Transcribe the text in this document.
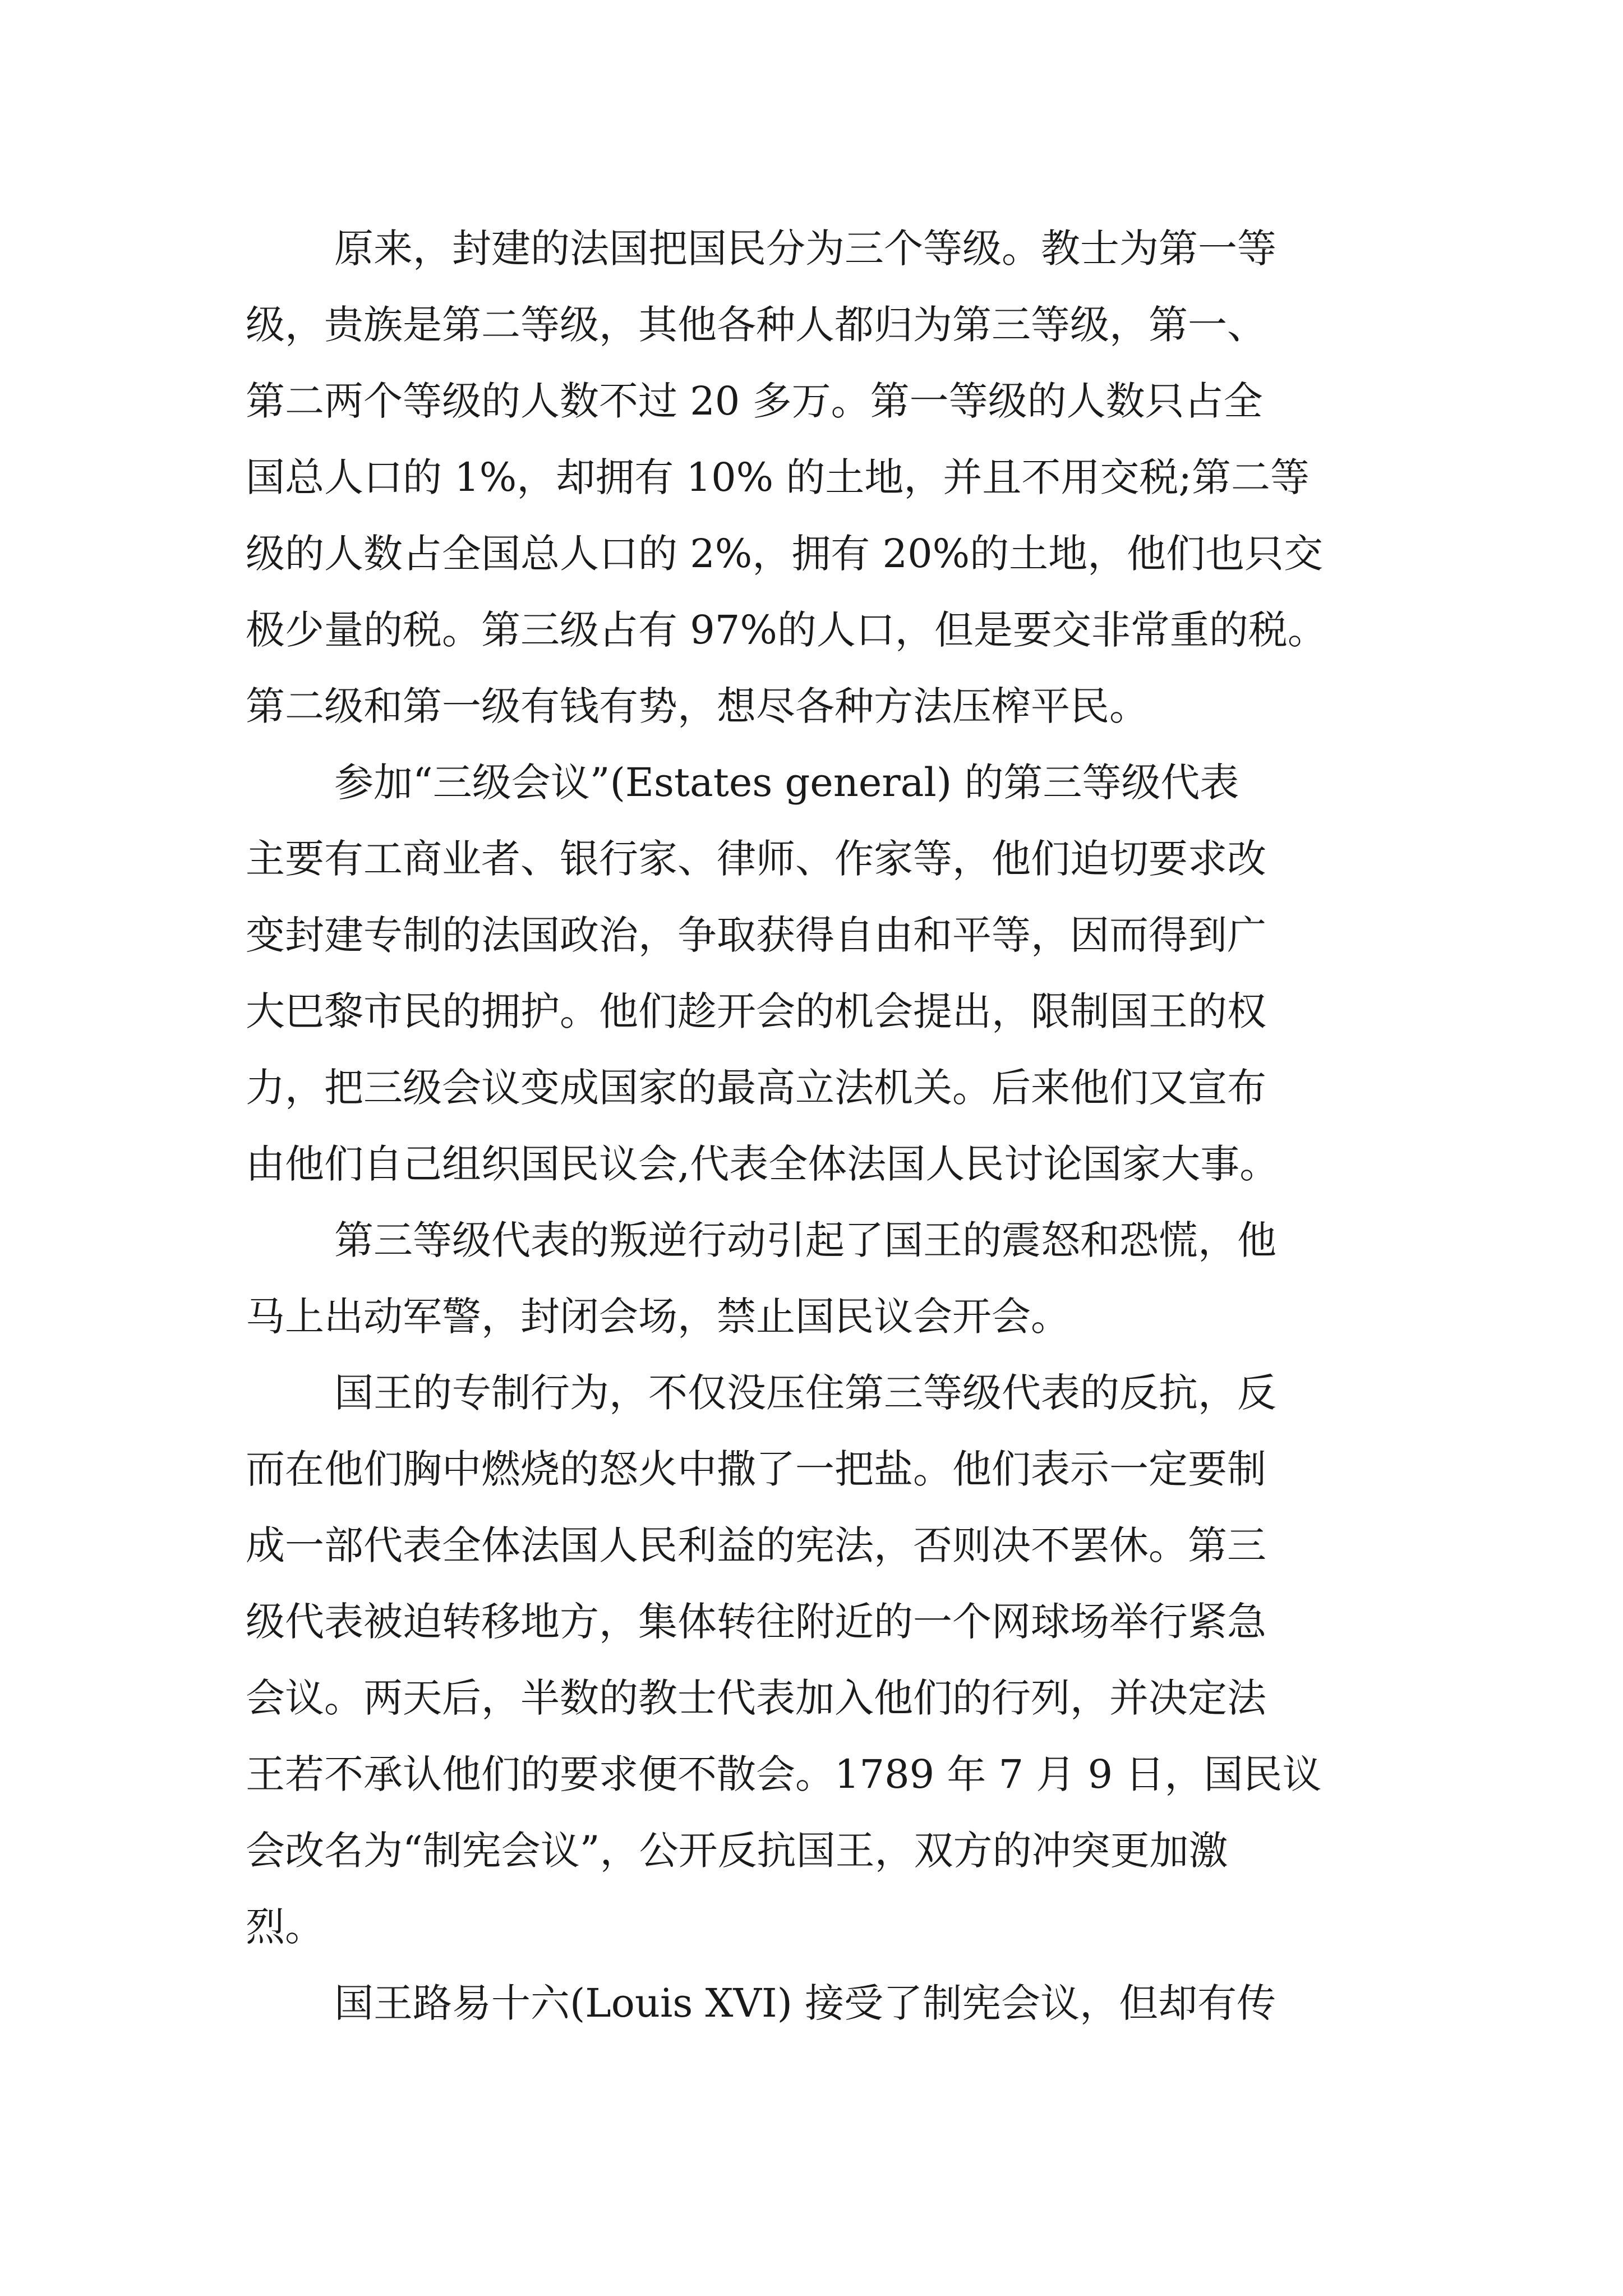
原来，封建的法国把国民分为三个等级。教士为第一等

级，贵族是第二等级，其他各种人都归为第三等级，第一、

第二两个等级的人数不过 20 多万。第一等级的人数只占全

国总人口的 1%，却拥有 10% 的土地，并且不用交税;第二等

级的人数占全国总人口的 2%，拥有 20%的土地，他们也只交

极少量的税。第三级占有 97%的人口，但是要交非常重的税。

第二级和第一级有钱有势，想尽各种方法压榨平民。

参加“三级会议”(Estates general) 的第三等级代表

主要有工商业者、银行家、律师、作家等，他们迫切要求改

变封建专制的法国政治，争取获得自由和平等，因而得到广

大巴黎市民的拥护。他们趁开会的机会提出，限制国王的权

力，把三级会议变成国家的最高立法机关。后来他们又宣布

由他们自己组织国民议会,代表全体法国人民讨论国家大事。

第三等级代表的叛逆行动引起了国王的震怒和恐慌，他

马上出动军警，封闭会场，禁止国民议会开会。

国王的专制行为，不仅没压住第三等级代表的反抗，反

而在他们胸中燃烧的怒火中撒了一把盐。他们表示一定要制

成一部代表全体法国人民利益的宪法，否则决不罢休。第三

级代表被迫转移地方，集体转往附近的一个网球场举行紧急

会议。两天后，半数的教士代表加入他们的行列，并决定法

王若不承认他们的要求便不散会。1789 年 7 月 9 日，国民议

会改名为“制宪会议”，公开反抗国王，双方的冲突更加激

烈。

国王路易十六(Louis XVI) 接受了制宪会议，但却有传
